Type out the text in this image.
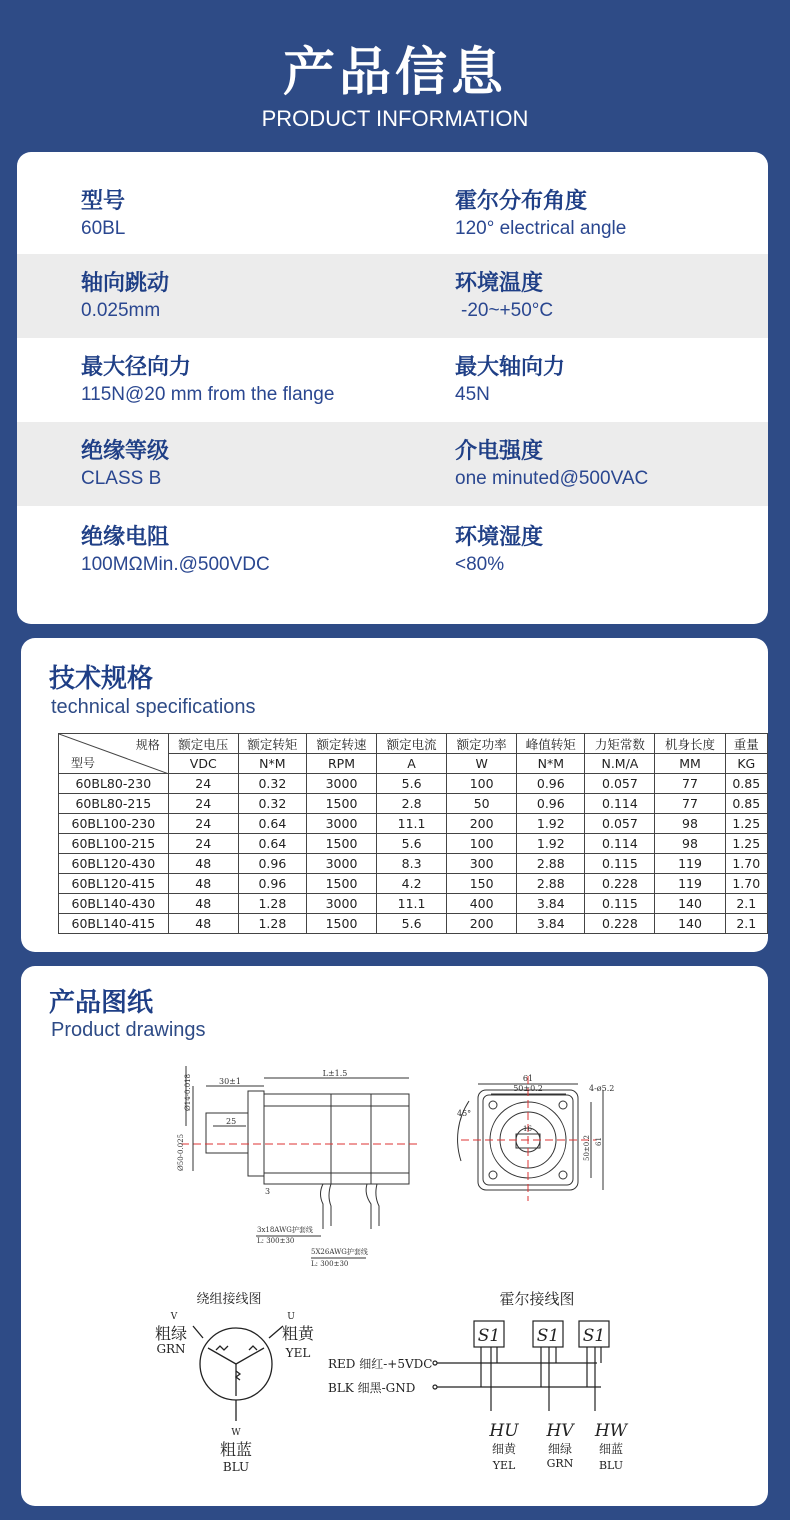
产品信息
PRODUCT INFORMATION
型号
60BL
霍尔分布角度
120° electrical angle
轴向跳动
0.025mm
环境温度
-20~+50°C
最大径向力
115N@20 mm from the flange
最大轴向力
45N
绝缘等级
CLASS B
介电强度
one minuted@500VAC
绝缘电阻
100MΩMin.@500VDC
环境湿度
<80%
技术规格
technical specifications
规格
型号	额定电压	额定转矩	额定转速	额定电流	额定功率	峰值转矩	力矩常数	机身长度	重量
	VDC	N*M	RPM	A	W	N*M	N.M/A	MM	KG
60BL80-230	24	0.32	3000	5.6	100	0.96	0.057	77	0.85
60BL80-215	24	0.32	1500	2.8	50	0.96	0.114	77	0.85
60BL100-230	24	0.64	3000	11.1	200	1.92	0.057	98	1.25
60BL100-215	24	0.64	1500	5.6	100	1.92	0.114	98	1.25
60BL120-430	48	0.96	3000	8.3	300	2.88	0.115	119	1.70
60BL120-415	48	0.96	1500	4.2	150	2.88	0.228	119	1.70
60BL140-430	48	1.28	3000	11.1	400	3.84	0.115	140	2.1
60BL140-415	48	1.28	1500	5.6	200	3.84	0.228	140	2.1
产品图纸
Product drawings
30±1
L±1.5
25
3
Ø14-0.018
Ø50-0.025
3x18AWG护套线
L: 300±30
5X26AWG护套线
L: 300±30
61
50±0.2	4-ø5.2
45°
16
50±0.2 61
绕组接线图
V
粗绿
GRN
U
粗黄
YEL
W
粗蓝
BLU
霍尔接线图
S1 S1 S1
RED 细红-+5VDC
BLK 细黑-GND
HU
细黄
YEL
HV
细绿
GRN
HW
细蓝
BLU
